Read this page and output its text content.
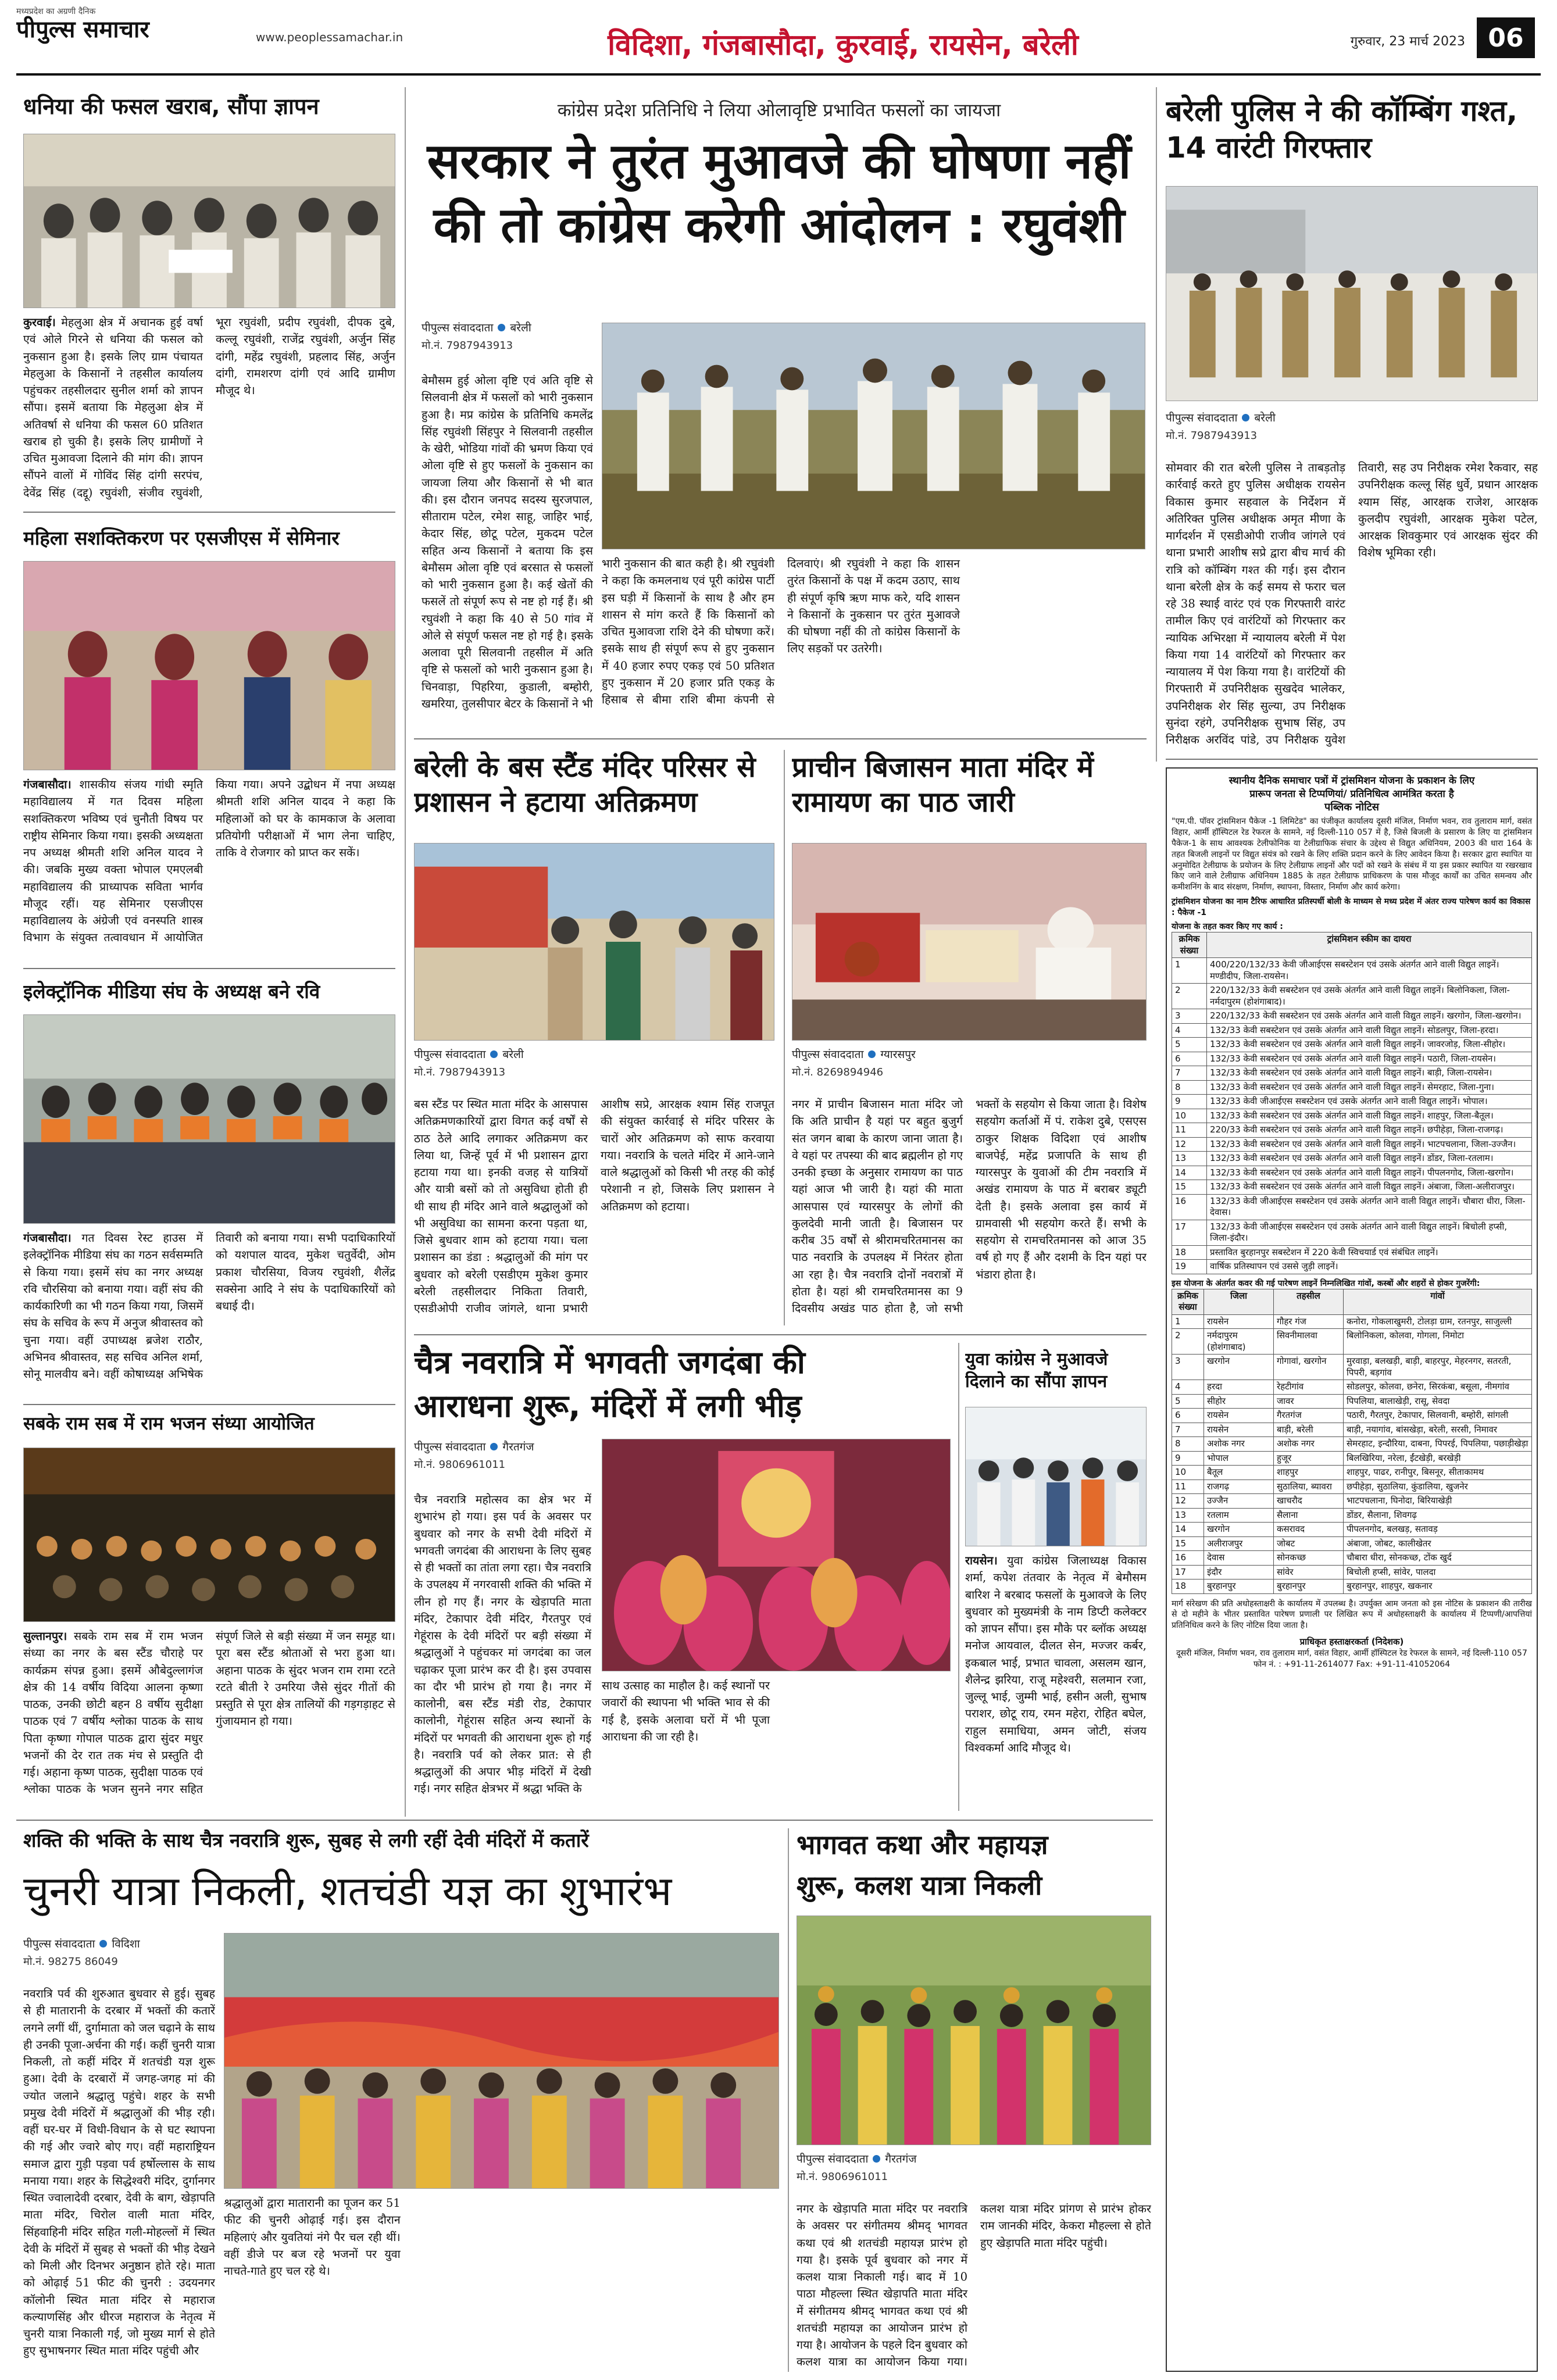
मध्यप्रदेश का अग्रणी दैनिक
पीपुल्स समाचार	www.peoplessamachar.in	विदिशा, गंजबासौदा, कुरवाई, रायसेन, बरेली	गुरुवार, 23 मार्च 2023 06
धनिया की फसल खराब, सौंपा ज्ञापन
कुरवाई। मेहलुआ क्षेत्र में अचानक हुई वर्षा एवं ओले गिरने से धनिया की फसल को नुकसान हुआ है। इसके लिए ग्राम पंचायत मेहलुआ के किसानों ने तहसील कार्यालय पहुंचकर तहसीलदार सुनील शर्मा को ज्ञापन सौंपा। इसमें बताया कि मेहलुआ क्षेत्र में अतिवर्षा से धनिया की फसल 60 प्रतिशत खराब हो चुकी है। इसके लिए ग्रामीणों ने उचित मुआवजा दिलाने की मांग की। ज्ञापन सौंपने वालों में गोविंद सिंह दांगी सरपंच, देवेंद्र सिंह (दद्दू) रघुवंशी, संजीव रघुवंशी, भूरा रघुवंशी, प्रदीप रघुवंशी, दीपक दुबे, कल्लू रघुवंशी, राजेंद्र रघुवंशी, अर्जुन सिंह दांगी, महेंद्र रघुवंशी, प्रहलाद सिंह, अर्जुन दांगी, रामशरण दांगी एवं आदि ग्रामीण मौजूद थे।
महिला सशक्तिकरण पर एसजीएस में सेमिनार
गंजबासौदा। शासकीय संजय गांधी स्मृति महाविद्यालय में गत दिवस महिला सशक्तिकरण भविष्य एवं चुनौती विषय पर राष्ट्रीय सेमिनार किया गया। इसकी अध्यक्षता नप अध्यक्ष श्रीमती शशि अनिल यादव ने की। जबकि मुख्य वक्ता भोपाल एमएलबी महाविद्यालय की प्राध्यापक सविता भार्गव मौजूद रहीं। यह सेमिनार एसजीएस महाविद्यालय के अंग्रेजी एवं वनस्पति शास्त्र विभाग के संयुक्त तत्वावधान में आयोजित किया गया। अपने उद्बोधन में नपा अध्यक्ष श्रीमती शशि अनिल यादव ने कहा कि महिलाओं को घर के कामकाज के अलावा प्रतियोगी परीक्षाओं में भाग लेना चाहिए, ताकि वे रोजगार को प्राप्त कर सकें।
इलेक्ट्रॉनिक मीडिया संघ के अध्यक्ष बने रवि
गंजबासौदा। गत दिवस रेस्ट हाउस में इलेक्ट्रॉनिक मीडिया संघ का गठन सर्वसम्मति से किया गया। इसमें संघ का नगर अध्यक्ष रवि चौरसिया को बनाया गया। वहीं संघ की कार्यकारिणी का भी गठन किया गया, जिसमें संघ के सचिव के रूप में अनुज श्रीवास्तव को चुना गया। वहीं उपाध्यक्ष ब्रजेश राठौर, अभिनव श्रीवास्तव, सह सचिव अनिल शर्मा, सोनू मालवीय बने। वहीं कोषाध्यक्ष अभिषेक तिवारी को बनाया गया। सभी पदाधिकारियों को यशपाल यादव, मुकेश चतुर्वेदी, ओम प्रकाश चौरसिया, विजय रघुवंशी, शैलेंद्र सक्सेना आदि ने संघ के पदाधिकारियों को बधाई दी।
सबके राम सब में राम भजन संध्या आयोजित
सुल्तानपुर। सबके राम सब में राम भजन संध्या का नगर के बस स्टैंड चौराहे पर कार्यक्रम संपन्न हुआ। इसमें औबेदुल्लागंज क्षेत्र की 14 वर्षीय विदिया आलना कृष्णा पाठक, उनकी छोटी बहन 8 वर्षीय सुदीक्षा पाठक एवं 7 वर्षीय श्लोका पाठक के साथ पिता कृष्णा गोपाल पाठक द्वारा सुंदर मधुर भजनों की देर रात तक मंच से प्रस्तुति दी गई। अहाना कृष्ण पाठक, सुदीक्षा पाठक एवं श्लोका पाठक के भजन सुनने नगर सहित संपूर्ण जिले से बड़ी संख्या में जन समूह था। पूरा बस स्टैंड श्रोताओं से भरा हुआ था। अहाना पाठक के सुंदर भजन राम रामा रटते रटते बीती रे उमरिया जैसे सुंदर गीतों की प्रस्तुति से पूरा क्षेत्र तालियों की गड़गड़ाहट से गुंजायमान हो गया।
कांग्रेस प्रदेश प्रतिनिधि ने लिया ओलावृष्टि प्रभावित फसलों का जायजा
सरकार ने तुरंत मुआवजे की घोषणा नहीं
की तो कांग्रेस करेगी आंदोलन : रघुवंशी
पीपुल्स संवाददाता बरेली
मो.नं. 7987943913
बेमौसम हुई ओला वृष्टि एवं अति वृष्टि से सिलवानी क्षेत्र में फसलों को भारी नुकसान हुआ है। मप्र कांग्रेस के प्रतिनिधि कमलेंद्र सिंह रघुवंशी सिंहपुर ने सिलवानी तहसील के खेरी, भोडिया गांवों की भ्रमण किया एवं ओला वृष्टि से हुए फसलों के नुकसान का जायजा लिया और किसानों से भी बात की। इस दौरान जनपद सदस्य सुरजपाल, सीताराम पटेल, रमेश साहू, जाहिर भाई, केदार सिंह, छोटू पटेल, मुकदम पटेल सहित अन्य किसानों ने बताया कि इस बेमौसम ओला वृष्टि एवं बरसात से फसलों को भारी नुकसान हुआ है। कई खेतों की फसलें तो संपूर्ण रूप से नष्ट हो गई हैं। श्री रघुवंशी ने कहा कि 40 से 50 गांव में ओले से संपूर्ण फसल नष्ट हो गई है। इसके अलावा पूरी सिलवानी तहसील में अति वृष्टि से फसलों को भारी नुकसान हुआ है। चिनवाड़ा, पिहरिया, कुडाली, बम्होरी, खमरिया, तुलसीपार बेटर के किसानों ने भी
भारी नुकसान की बात कही है। श्री रघुवंशी ने कहा कि कमलनाथ एवं पूरी कांग्रेस पार्टी इस घड़ी में किसानों के साथ है और हम शासन से मांग करते हैं कि किसानों को उचित मुआवजा राशि देने की घोषणा करें। इसके साथ ही संपूर्ण रूप से हुए नुकसान में 40 हजार रुपए एकड़ एवं 50 प्रतिशत हुए नुकसान में 20 हजार प्रति एकड़ के हिसाब से बीमा राशि बीमा कंपनी से दिलवाएं। श्री रघुवंशी ने कहा कि शासन तुरंत किसानों के पक्ष में कदम उठाए, साथ ही संपूर्ण कृषि ऋण माफ करे, यदि शासन ने किसानों के नुकसान पर तुरंत मुआवजे की घोषणा नहीं की तो कांग्रेस किसानों के लिए सड़कों पर उतरेगी।
बरेली पुलिस ने की कॉम्बिंग गश्त, 14 वारंटी गिरफ्तार
पीपुल्स संवाददाता बरेली
मो.नं. 7987943913
सोमवार की रात बरेली पुलिस ने ताबड़तोड़ कार्रवाई करते हुए पुलिस अधीक्षक रायसेन विकास कुमार सहवाल के निर्देशन में अतिरिक्त पुलिस अधीक्षक अमृत मीणा के मार्गदर्शन में एसडीओपी राजीव जांगले एवं थाना प्रभारी आशीष सप्रे द्वारा बीच मार्च की रात्रि को कॉम्बिंग गश्त की गई। इस दौरान थाना बरेली क्षेत्र के कई समय से फरार चल रहे 38 स्थाई वारंट एवं एक गिरफ्तारी वारंट तामील किए एवं वारंटियों को गिरफ्तार कर न्यायिक अभिरक्षा में न्यायालय बरेली में पेश किया गया 14 वारंटियों को गिरफ्तार कर न्यायालय में पेश किया गया है। वारंटियों की गिरफ्तारी में उपनिरीक्षक सुखदेव भालेकर, उपनिरीक्षक शेर सिंह सुल्या, उप निरीक्षक सुनंदा रहंगे, उपनिरीक्षक सुभाष सिंह, उप निरीक्षक अरविंद पांडे, उप निरीक्षक युवेश तिवारी, सह उप निरीक्षक रमेश रैकवार, सह उपनिरीक्षक कल्लू सिंह धुर्वे, प्रधान आरक्षक श्याम सिंह, आरक्षक राजेश, आरक्षक कुलदीप रघुवंशी, आरक्षक मुकेश पटेल, आरक्षक शिवकुमार एवं आरक्षक सुंदर की विशेष भूमिका रही।
स्थानीय दैनिक समाचार पत्रों में ट्रांसमिशन योजना के प्रकाशन के लिए
प्रारूप जनता से टिप्पणियां/ प्रतिनिधित्व आमंत्रित करता है
पब्लिक नोटिस
"एम.पी. पॉवर ट्रांसमिशन पैकेज -1 लिमिटेड" का पंजीकृत कार्यालय दूसरी मंजिल, निर्माण भवन, राव तुलाराम मार्ग, वसंत विहार, आर्मी हॉस्पिटल रेड रेफरल के सामने, नई दिल्ली-110 057 में है, जिसे बिजली के प्रसारण के लिए या ट्रांसमिशन पैकेज-1 के साथ आवश्यक टेलीफोनिक या टेलीग्राफिक संचार के उद्देश्य से विद्युत अधिनियम, 2003 की धारा 164 के तहत बिजली लाइनों पर विद्युत संयंत्र को रखने के लिए शक्ति प्रदान करने के लिए आवेदन किया है। सरकार द्वारा स्थापित या अनुमोदित टेलीग्राफ के प्रयोजन के लिए टेलीग्राफ लाइनों और पदों को रखने के संबंध में या इस प्रकार स्थापित या रखरखाव किए जाने वाले टेलीग्राफ अधिनियम 1885 के तहत टेलीग्राफ प्राधिकरण के पास मौजूद कार्यों का उचित समन्वय और कमीशनिंग के बाद संरक्षण, निर्माण, स्थापना, विस्तार, निर्माण और कार्य करेगा।
ट्रांसमिशन योजना का नाम टैरिफ आधारित प्रतिस्पर्धी बोली के माध्यम से मध्य प्रदेश में अंतर राज्य पारेषण कार्य का विकास : पैकेज -1
योजना के तहत कवर किए गए कार्य :
क्रमिक संख्या	ट्रांसमिशन स्कीम का दायरा
1	400/220/132/33 केवी जीआईएस सबस्टेशन एवं उसके अंतर्गत आने वाली विद्युत लाइनें। मण्डीदीप, जिला-रायसेन।
2	220/132/33 केवी सबस्टेशन एवं उसके अंतर्गत आने वाली विद्युत लाइनें। बिलोनिकला, जिला-नर्मदापुरम (होशंगाबाद)।
3	220/132/33 केवी सबस्टेशन एवं उसके अंतर्गत आने वाली विद्युत लाइनें। खरगोन, जिला-खरगोन।
4	132/33 केवी सबस्टेशन एवं उसके अंतर्गत आने वाली विद्युत लाइनें। सोडलपुर, जिला-हरदा।
5	132/33 केवी सबस्टेशन एवं उसके अंतर्गत आने वाली विद्युत लाइनें। जावरजोड़, जिला-सीहोर।
6	132/33 केवी सबस्टेशन एवं उसके अंतर्गत आने वाली विद्युत लाइनें। पठारी, जिला-रायसेन।
7	132/33 केवी सबस्टेशन एवं उसके अंतर्गत आने वाली विद्युत लाइनें। बाड़ी, जिला-रायसेन।
8	132/33 केवी सबस्टेशन एवं उसके अंतर्गत आने वाली विद्युत लाइनें। सेमरहाट, जिला-गुना।
9	132/33 केवी जीआईएस सबस्टेशन एवं उसके अंतर्गत आने वाली विद्युत लाइनें। भोपाल।
10	132/33 केवी सबस्टेशन एवं उसके अंतर्गत आने वाली विद्युत लाइनें। शाहपुर, जिला-बैतूल।
11	220/33 केवी सबस्टेशन एवं उसके अंतर्गत आने वाली विद्युत लाइनें। छपीहेड़ा, जिला-राजगढ़।
12	132/33 केवी सबस्टेशन एवं उसके अंतर्गत आने वाली विद्युत लाइनें। भाटपचलाना, जिला-उज्जैन।
13	132/33 केवी सबस्टेशन एवं उसके अंतर्गत आने वाली विद्युत लाइनें। डोंडर, जिला-रतलाम।
14	132/33 केवी सबस्टेशन एवं उसके अंतर्गत आने वाली विद्युत लाइनें। पीपलनगोद, जिला-खरगोन।
15	132/33 केवी सबस्टेशन एवं उसके अंतर्गत आने वाली विद्युत लाइनें। अंबाजा, जिला-अलीराजपुर।
16	132/33 केवी जीआईएस सबस्टेशन एवं उसके अंतर्गत आने वाली विद्युत लाइनें। चौबारा धीरा, जिला-देवास।
17	132/33 केवी जीआईएस सबस्टेशन एवं उसके अंतर्गत आने वाली विद्युत लाइनें। बिचोली हप्सी, जिला-इंदौर।
18	प्रस्तावित बुरहानपुर सबस्टेशन में 220 केवी स्विचयार्ड एवं संबंधित लाइनें।
19	वार्षिक प्रतिस्थापन एवं उससे जुड़ी लाइनें।
इस योजना के अंतर्गत कवर की गई पारेषण लाइनें निम्नलिखित गांवों, कस्बों और शहरों से होकर गुजरेंगी:
क्रमिक संख्या	जिला	तहसील	गांवों
1	रायसेन	गौहर गंज	कनोरा, गोकलाखुमरी, टोलड़ा ग्राम, रतनपुर, साजुल्ली
2	नर्मदापुरम (होशंगाबाद)	सिवनीमालवा	बिलोनिकला, कोलवा, गोगला, निमोटा
3	खरगोन	गोगावां, खरगोन	मुरवाड़ा, बलखड़ी, बाड़ी, बाहरपुर, मेहरनगर, सतरती, पिपरी, बड़गांव
4	हरदा	रेहटीगांव	सोडलपुर, कोलवा, छनेरा, सिरकंबा, बसूला, नीमगांव
5	सीहोर	जावर	पिपलिया, बालाखेड़ी, रासू, सेवदा
6	रायसेन	गैरतगंज	पठारी, गैरतपुर, टेकापार, सिलवानी, बम्होरी, सांगली
7	रायसेन	बाड़ी, बरेली	बाड़ी, नयागांव, बांसखेड़ा, बरेली, सरसी, निमावर
8	अशोक नगर	अशोक नगर	सेमरहाट, इन्दौरिया, दाबना, पिपरई, पिपलिया, पछाड़ीखेड़ा
9	भोपाल	हुजूर	बिलखिरिया, नरेला, ईंटखेड़ी, बरखेड़ी
10	बैतूल	शाहपुर	शाहपुर, पाढर, रानीपुर, बिसनूर, सीताकामथ
11	राजगढ़	सुठालिया, ब्यावरा	छपीहेड़ा, सुठालिया, कुंडालिया, खुजनेर
12	उज्जैन	खाचरौद	भाटपचलाना, घिनोदा, बिरियाखेड़ी
13	रतलाम	सैलाना	डोंडर, सैलाना, शिवगढ़
14	खरगोन	कसरावद	पीपलनगोद, बलखड़, सतावड़
15	अलीराजपुर	जोबट	अंबाजा, जोबट, कालीखेतर
16	देवास	सोनकच्छ	चौबारा धीरा, सोनकच्छ, टोंक खुर्द
17	इंदौर	सांवेर	बिचोली हप्सी, सांवेर, पालदा
18	बुरहानपुर	बुरहानपुर	बुरहानपुर, शाहपुर, खकनार
मार्ग संरेखण की प्रति अधोहस्ताक्षरी के कार्यालय में उपलब्ध है। उपर्युक्त आम जनता को इस नोटिस के प्रकाशन की तारीख से दो महीने के भीतर प्रस्तावित पारेषण प्रणाली पर लिखित रूप में अधोहस्ताक्षरी के कार्यालय में टिप्पणी/आपत्तियां प्रतिनिधित्व करने के लिए नोटिस दिया जाता है।
प्राधिकृत हस्ताक्षरकर्ता (निदेशक)
दूसरी मंजिल, निर्माण भवन, राव तुलाराम मार्ग, वसंत विहार, आर्मी हॉस्पिटल रेड रेफरल के सामने, नई दिल्ली-110 057
फोन नं. : +91-11-2614077 Fax: +91-11-41052064
बरेली के बस स्टैंड मंदिर परिसर से प्रशासन ने हटाया अतिक्रमण
पीपुल्स संवाददाता बरेली
मो.नं. 7987943913
बस स्टैंड पर स्थित माता मंदिर के आसपास अतिक्रमणकारियों द्वारा विगत कई वर्षों से ठाठ ठेले आदि लगाकर अतिक्रमण कर लिया था, जिन्हें पूर्व में भी प्रशासन द्वारा हटाया गया था। इनकी वजह से यात्रियों और यात्री बसों को तो असुविधा होती ही थी साथ ही मंदिर आने वाले श्रद्धालुओं को भी असुविधा का सामना करना पड़ता था, जिसे बुधवार शाम को हटाया गया। चला प्रशासन का डंडा : श्रद्धालुओं की मांग पर बुधवार को बरेली एसडीएम मुकेश कुमार बरेली तहसीलदार निकिता तिवारी, एसडीओपी राजीव जांगले, थाना प्रभारी आशीष सप्रे, आरक्षक श्याम सिंह राजपूत की संयुक्त कार्रवाई से मंदिर परिसर के चारों ओर अतिक्रमण को साफ करवाया गया। नवरात्रि के चलते मंदिर में आने-जाने वाले श्रद्धालुओं को किसी भी तरह की कोई परेशानी न हो, जिसके लिए प्रशासन ने अतिक्रमण को हटाया।
प्राचीन बिजासन माता मंदिर में रामायण का पाठ जारी
पीपुल्स संवाददाता ग्यारसपुर
मो.नं. 8269894946
नगर में प्राचीन बिजासन माता मंदिर जो कि अति प्राचीन है यहां पर बहुत बुजुर्ग संत जगन बाबा के कारण जाना जाता है। वे यहां पर तपस्या की बाद ब्रह्मलीन हो गए उनकी इच्छा के अनुसार रामायण का पाठ यहां आज भी जारी है। यहां की माता आसपास एवं ग्यारसपुर के लोगों की कुलदेवी मानी जाती है। बिजासन पर करीब 35 वर्षों से श्रीरामचरितमानस का पाठ नवरात्रि के उपलक्ष्य में निरंतर होता आ रहा है। चैत्र नवरात्रि दोनों नवरात्रों में होता है। यहां श्री रामचरितमानस का 9 दिवसीय अखंड पाठ होता है, जो सभी भक्तों के सहयोग से किया जाता है। विशेष सहयोग कर्ताओं में पं. राकेश दुबे, एसएस ठाकुर शिक्षक विदिशा एवं आशीष बाजपेई, महेंद्र प्रजापति के साथ ही ग्यारसपुर के युवाओं की टीम नवरात्रि में अखंड रामायण के पाठ में बराबर ड्यूटी देती है। इसके अलावा इस कार्य में ग्रामवासी भी सहयोग करते हैं। सभी के सहयोग से रामचरितमानस को आज 35 वर्ष हो गए हैं और दशमी के दिन यहां पर भंडारा होता है।
चैत्र नवरात्रि में भगवती जगदंबा की
आराधना शुरू, मंदिरों में लगी भीड़
पीपुल्स संवाददाता गैरतगंज
मो.नं. 9806961011
चैत्र नवरात्रि महोत्सव का क्षेत्र भर में शुभारंभ हो गया। इस पर्व के अवसर पर बुधवार को नगर के सभी देवी मंदिरों में भगवती जगदंबा की आराधना के लिए सुबह से ही भक्तों का तांता लगा रहा। चैत्र नवरात्रि के उपलक्ष्य में नगरवासी शक्ति की भक्ति में लीन हो गए हैं। नगर के खेड़ापति माता मंदिर, टेकापार देवी मंदिर, गैरतपुर एवं गेहूंरास के देवी मंदिरों पर बड़ी संख्या में श्रद्धालुओं ने पहुंचकर मां जगदंबा का जल चढ़ाकर पूजा प्रारंभ कर दी है। इस उपवास का दौर भी प्रारंभ हो गया है। नगर में कालोनी, बस स्टैंड मंडी रोड, टेकापार कालोनी, गेहूंरास सहित अन्य स्थानों के मंदिरों पर भगवती की आराधना शुरू हो गई है। नवरात्रि पर्व को लेकर प्रात: से ही श्रद्धालुओं की अपार भीड़ मंदिरों में देखी गई। नगर सहित क्षेत्रभर में श्रद्धा भक्ति के
साथ उत्साह का माहौल है। कई स्थानों पर जवारों की स्थापना भी भक्ति भाव से की गई है, इसके अलावा घरों में भी पूजा आराधना की जा रही है।
युवा कांग्रेस ने मुआवजे दिलाने का सौंपा ज्ञापन
रायसेन। युवा कांग्रेस जिलाध्यक्ष विकास शर्मा, कपेश तंतवार के नेतृत्व में बेमौसम बारिश ने बरबाद फसलों के मुआवजे के लिए बुधवार को मुख्यमंत्री के नाम डिप्टी कलेक्टर को ज्ञापन सौंपा। इस मौके पर ब्लॉक अध्यक्ष मनोज आयवाल, दीलत सेन, मज्जर कर्बर, इकबाल भाई, प्रभात चावला, असलम खान, शैलेन्द्र झरिया, राजू महेश्वरी, सलमान रजा, जुल्लू भाई, जुम्मी भाई, हसीन अली, सुभाष पराशर, छोटू राय, रमन महेरा, रोहित बघेल, राहुल समाधिया, अमन जोटी, संजय विश्वकर्मा आदि मौजूद थे।
शक्ति की भक्ति के साथ चैत्र नवरात्रि शुरू, सुबह से लगी रहीं देवी मंदिरों में कतारें
चुनरी यात्रा निकली, शतचंडी यज्ञ का शुभारंभ
पीपुल्स संवाददाता विदिशा
मो.नं. 98275 86049
नवरात्रि पर्व की शुरुआत बुधवार से हुई। सुबह से ही मातारानी के दरबार में भक्तों की कतारें लगने लगीं थीं, दुर्गामाता को जल चढ़ाने के साथ ही उनकी पूजा-अर्चना की गई। कहीं चुनरी यात्रा निकली, तो कहीं मंदिर में शतचंडी यज्ञ शुरू हुआ। देवी के दरबारों में जगह-जगह मां की ज्योत जलाने श्रद्धालु पहुंचे। शहर के सभी प्रमुख देवी मंदिरों में श्रद्धालुओं की भीड़ रही। वहीं घर-घर में विधी-विधान के से घट स्थापना की गई और ज्वारे बोए गए। वहीं महाराष्ट्रियन समाज द्वारा गुड़ी पड़वा पर्व हर्षोल्लास के साथ मनाया गया। शहर के सिद्धेश्वरी मंदिर, दुर्गानगर स्थित ज्वालादेवी दरबार, देवी के बाग, खेड़ापति माता मंदिर, चिरोल वाली माता मंदिर, सिंहवाहिनी मंदिर सहित गली-मोहल्लों में स्थित देवी के मंदिरों में सुबह से भक्तों की भीड़ देखने को मिली और दिनभर अनुष्ठान होते रहे। माता को ओढ़ाई 51 फीट की चुनरी : उदयनगर कॉलोनी स्थित माता मंदिर से महाराज कल्याणसिंह और धीरज महाराज के नेतृत्व में चुनरी यात्रा निकाली गई, जो मुख्य मार्ग से होते हुए सुभाषनगर स्थित माता मंदिर पहुंची और
श्रद्धालुओं द्वारा मातारानी का पूजन कर 51 फीट की चुनरी ओढ़ाई गई। इस दौरान महिलाएं और युवतियां नंगे पैर चल रही थीं। वहीं डीजे पर बज रहे भजनों पर युवा नाचते-गाते हुए चल रहे थे।
भागवत कथा और महायज्ञ
शुरू, कलश यात्रा निकली
पीपुल्स संवाददाता गैरतगंज
मो.नं. 9806961011
नगर के खेड़ापति माता मंदिर पर नवरात्रि के अवसर पर संगीतमय श्रीमद् भागवत कथा एवं श्री शतचंडी महायज्ञ प्रारंभ हो गया है। इसके पूर्व बुधवार को नगर में कलश यात्रा निकाली गई। बाद में 10 पाठा मौहल्ला स्थित खेड़ापति माता मंदिर में संगीतमय श्रीमद् भागवत कथा एवं श्री शतचंडी महायज्ञ का आयोजन प्रारंभ हो गया है। आयोजन के पहले दिन बुधवार को कलश यात्रा का आयोजन किया गया। कलश यात्रा मंदिर प्रांगण से प्रारंभ होकर राम जानकी मंदिर, केकरा मौहल्ला से होते हुए खेड़ापति माता मंदिर पहुंची।
